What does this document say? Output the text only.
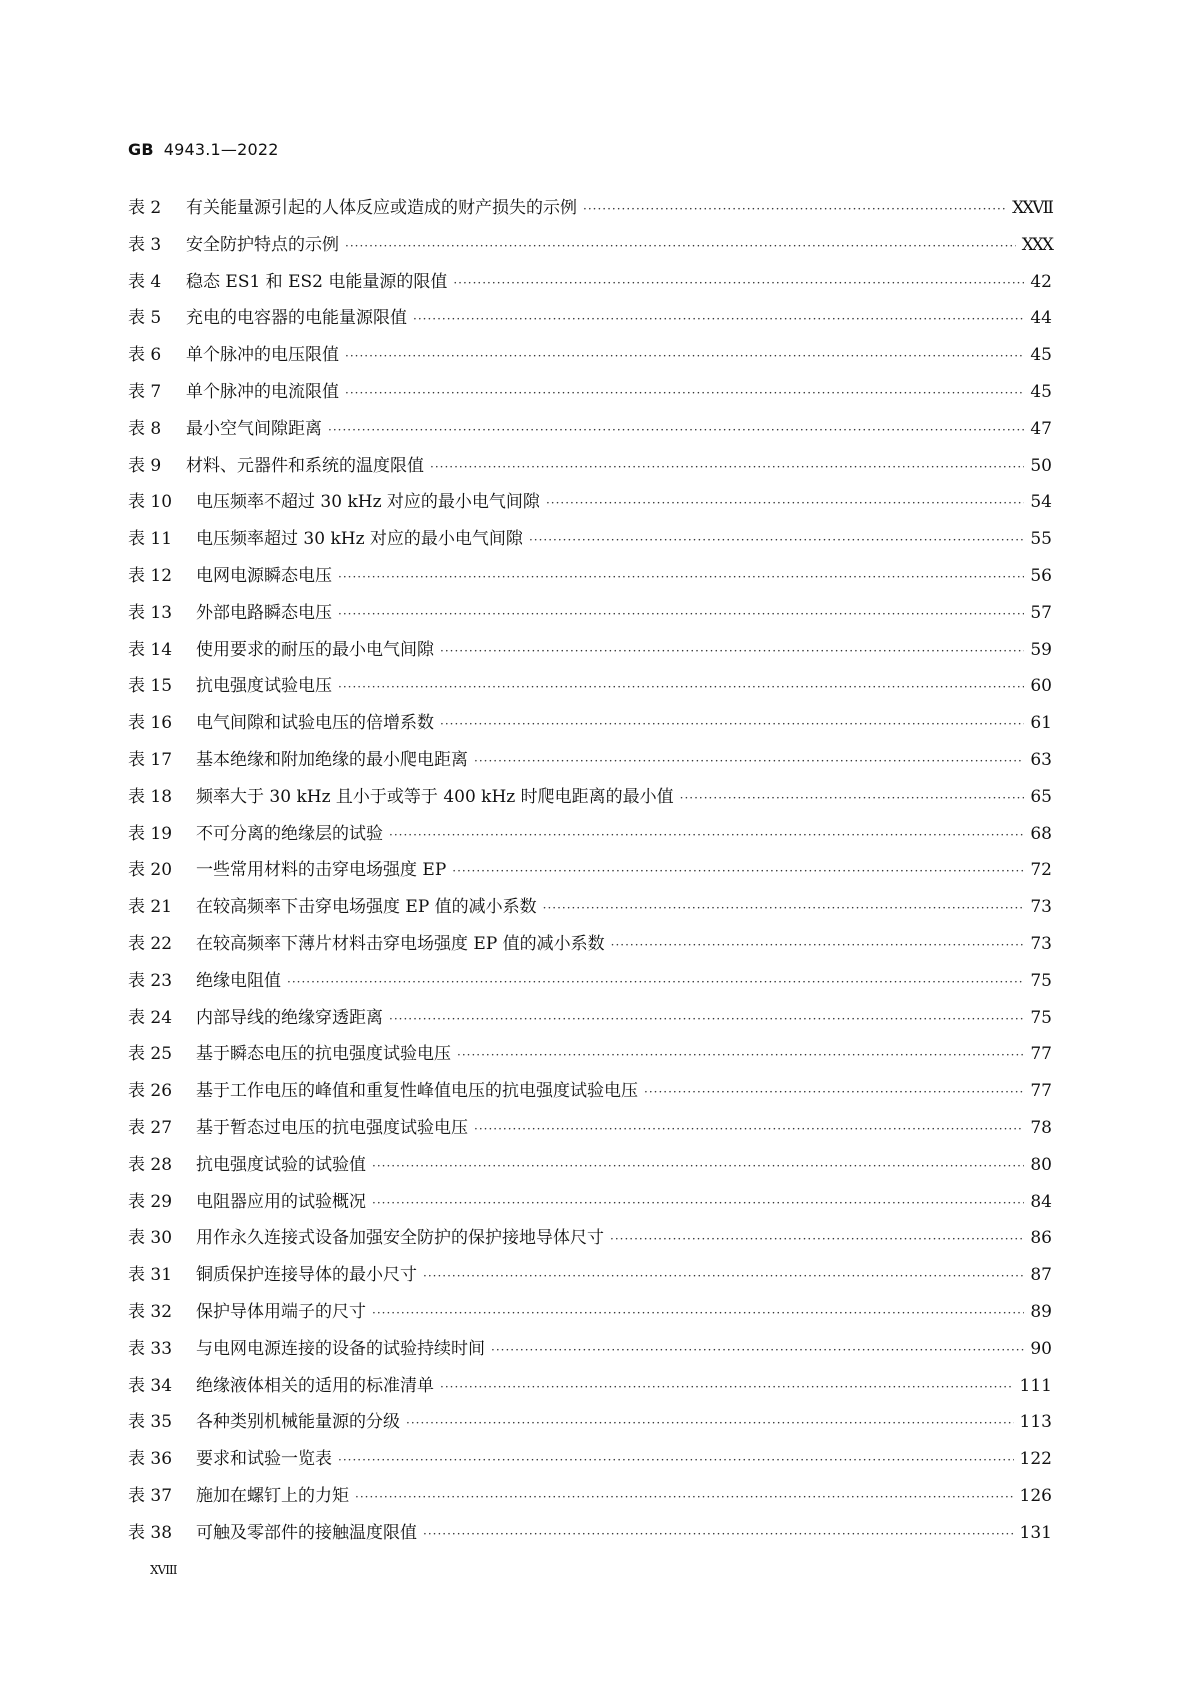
GB 4943.1—2022
表 2	有关能量源引起的人体反应或造成的财产损失的示例 ·····	XXVII
表 3	安全防护特点的示例 ·····	XXX
表 4	稳态 ES1 和 ES2 电能量源的限值 ·····	42
表 5	充电的电容器的电能量源限值 ·····	44
表 6	单个脉冲的电压限值 ·····	45
表 7	单个脉冲的电流限值 ·····	45
表 8	最小空气间隙距离 ·····	47
表 9	材料、元器件和系统的温度限值 ·····	50
表 10	电压频率不超过 30 kHz 对应的最小电气间隙 ·····	54
表 11	电压频率超过 30 kHz 对应的最小电气间隙 ·····	55
表 12	电网电源瞬态电压 ·····	56
表 13	外部电路瞬态电压 ·····	57
表 14	使用要求的耐压的最小电气间隙 ·····	59
表 15	抗电强度试验电压 ·····	60
表 16	电气间隙和试验电压的倍增系数 ·····	61
表 17	基本绝缘和附加绝缘的最小爬电距离 ·····	63
表 18	频率大于 30 kHz 且小于或等于 400 kHz 时爬电距离的最小值 ·····	65
表 19	不可分离的绝缘层的试验 ·····	68
表 20	一些常用材料的击穿电场强度 EP ·····	72
表 21	在较高频率下击穿电场强度 EP 值的减小系数 ·····	73
表 22	在较高频率下薄片材料击穿电场强度 EP 值的减小系数 ·····	73
表 23	绝缘电阻值 ·····	75
表 24	内部导线的绝缘穿透距离 ·····	75
表 25	基于瞬态电压的抗电强度试验电压 ·····	77
表 26	基于工作电压的峰值和重复性峰值电压的抗电强度试验电压 ·····	77
表 27	基于暂态过电压的抗电强度试验电压 ·····	78
表 28	抗电强度试验的试验值 ·····	80
表 29	电阻器应用的试验概况 ·····	84
表 30	用作永久连接式设备加强安全防护的保护接地导体尺寸 ·····	86
表 31	铜质保护连接导体的最小尺寸 ·····	87
表 32	保护导体用端子的尺寸 ·····	89
表 33	与电网电源连接的设备的试验持续时间 ·····	90
表 34	绝缘液体相关的适用的标准清单 ·····	111
表 35	各种类别机械能量源的分级 ·····	113
表 36	要求和试验一览表 ·····	122
表 37	施加在螺钉上的力矩 ·····	126
表 38	可触及零部件的接触温度限值 ·····	131
XVIII
